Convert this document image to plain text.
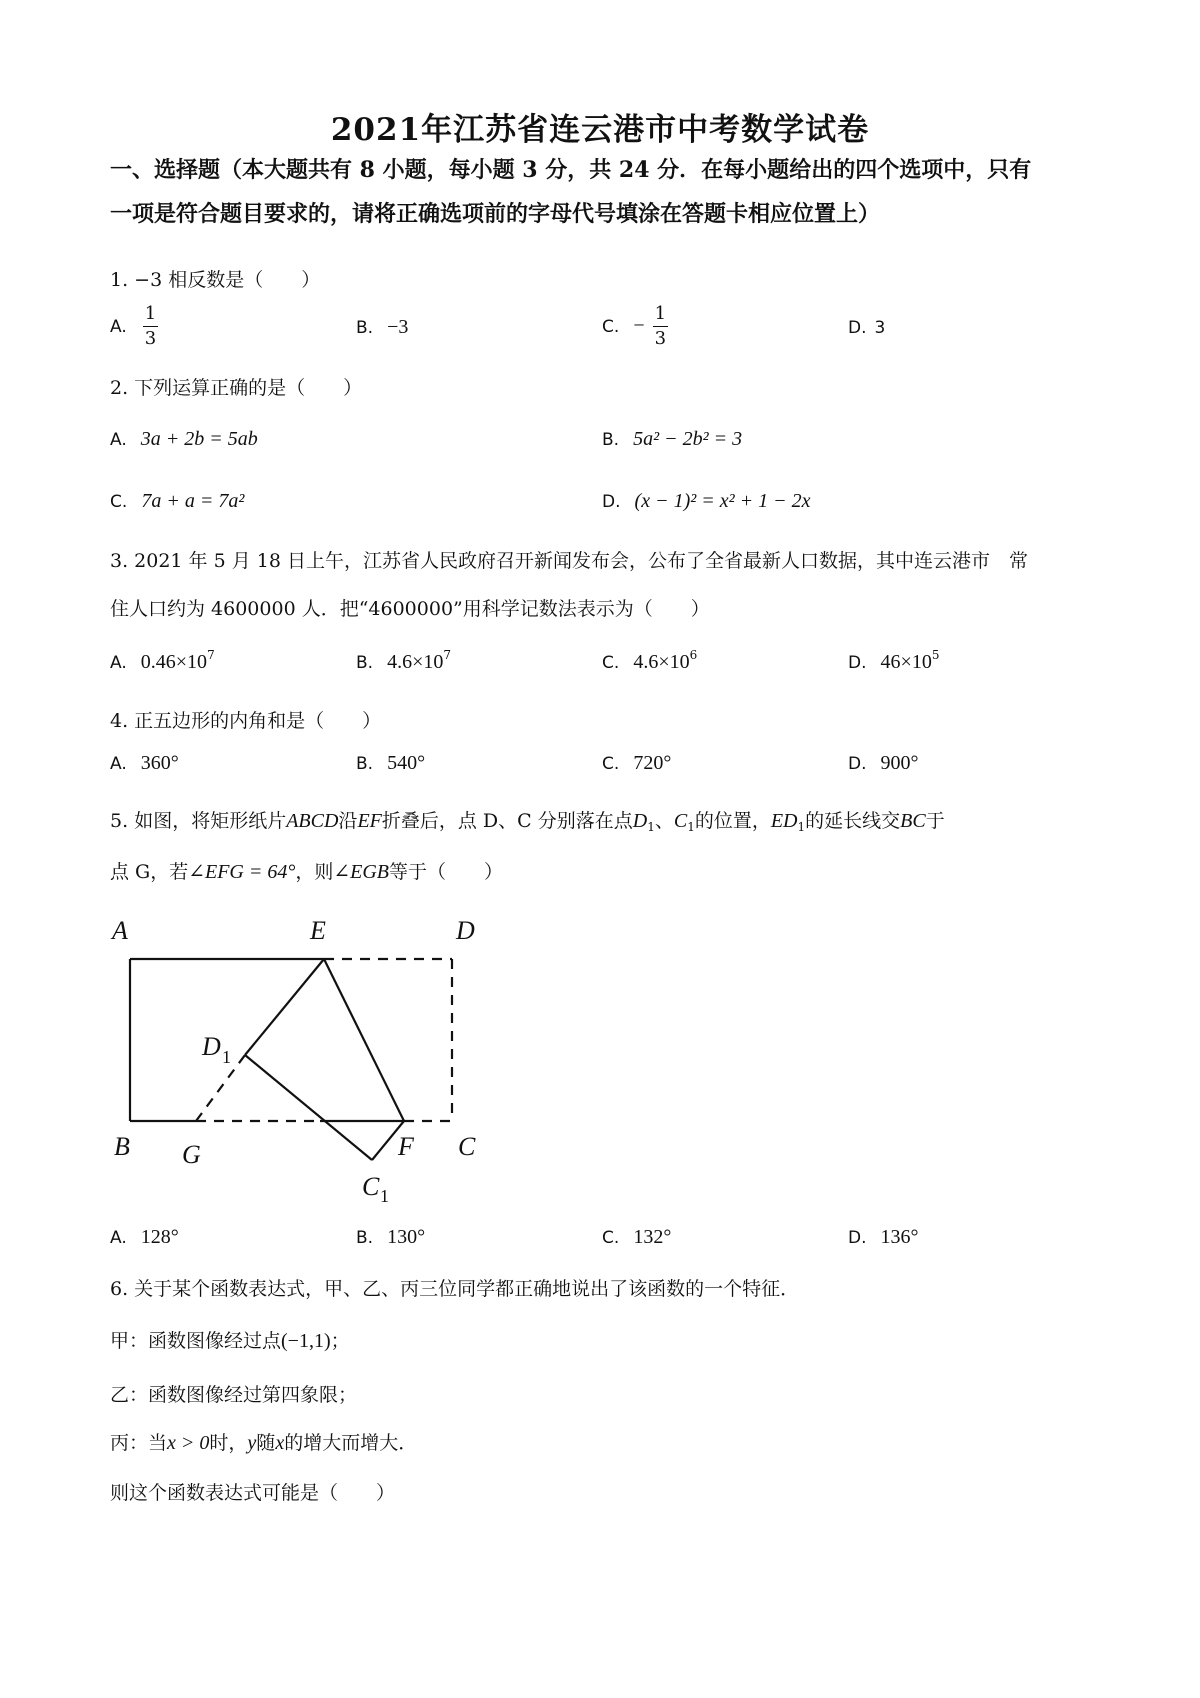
2021年江苏省连云港市中考数学试卷
一、选择题（本大题共有 8 小题，每小题 3 分，共 24 分．在每小题给出的四个选项中，只有
一项是符合题目要求的，请将正确选项前的字母代号填涂在答题卡相应位置上）
1. −3 相反数是（　　）
A. $\frac{1}{3}$	B. −3	C. − $\frac{1}{3}$	D. 3
2. 下列运算正确的是（　　）
A. 3a + 2b = 5ab	B. 5a² − 2b² = 3
C. 7a + a = 7a²	D. (x − 1)² = x² + 1 − 2x
3. 2021 年 5 月 18 日上午，江苏省人民政府召开新闻发布会，公布了全省最新人口数据，其中连云港市　常
住人口约为 4600000 人．把“4600000”用科学记数法表示为（　　）
A. $0.46\times 10^7$	B. $4.6\times 10^7$	C. $4.6\times 10^6$	D. $46\times 10^5$
4. 正五边形的内角和是（　　）
A. 360°	B. 540°	C. 720°	D. 900°
5. 如图，将矩形纸片ABCD沿EF折叠后，点 D、C 分别落在点$D_1$、$C_1$的位置，$ED_1$的延长线交BC于
点 G，若∠EFG = 64°，则∠EGB等于（　　）
A	E	D
D 1
B G	F C
C 1
A. 128°	B. 130°	C. 132°	D. 136°
6. 关于某个函数表达式，甲、乙、丙三位同学都正确地说出了该函数的一个特征．
甲：函数图像经过点(−1,1)；
乙：函数图像经过第四象限；
丙：当x > 0时，y随x的增大而增大．
则这个函数表达式可能是（　　）
